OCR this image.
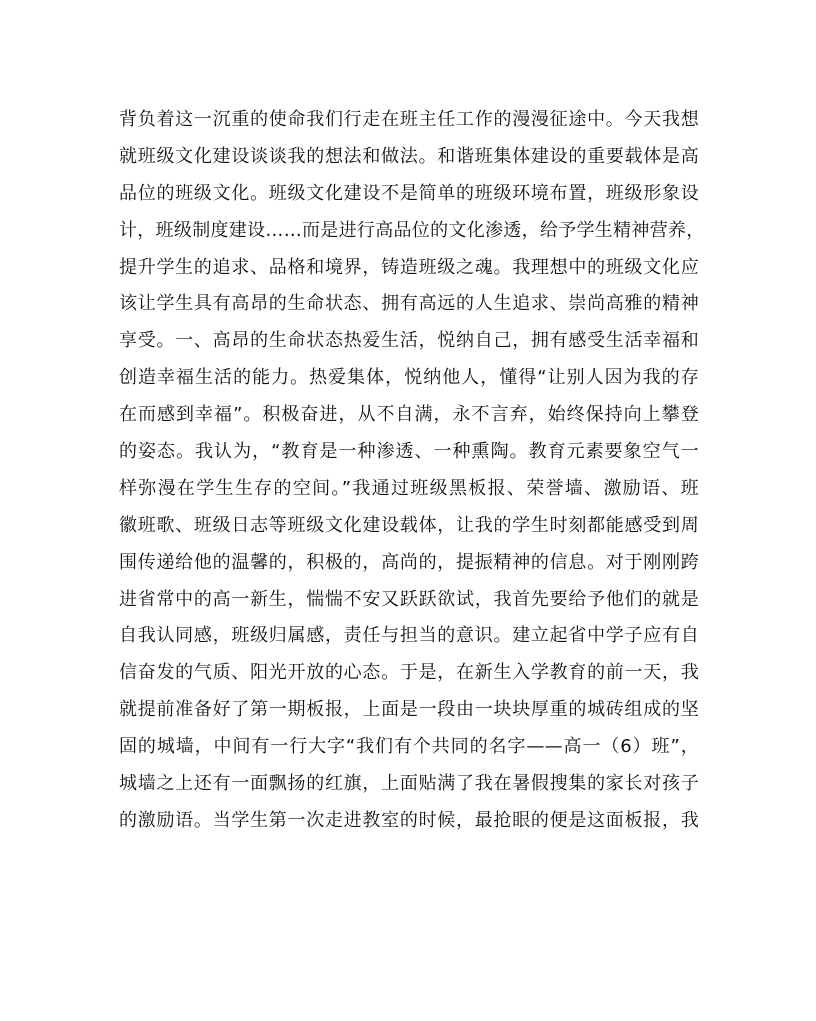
背负着这一沉重的使命我们行走在班主任工作的漫漫征途中。今天我想
就班级文化建设谈谈我的想法和做法。和谐班集体建设的重要载体是高
品位的班级文化。班级文化建设不是简单的班级环境布置，班级形象设
计，班级制度建设……而是进行高品位的文化渗透，给予学生精神营养，
提升学生的追求、品格和境界，铸造班级之魂。我理想中的班级文化应
该让学生具有高昂的生命状态、拥有高远的人生追求、崇尚高雅的精神
享受。一、高昂的生命状态热爱生活，悦纳自己，拥有感受生活幸福和
创造幸福生活的能力。热爱集体，悦纳他人，懂得“让别人因为我的存
在而感到幸福”。积极奋进，从不自满，永不言弃，始终保持向上攀登
的姿态。我认为，“教育是一种渗透、一种熏陶。教育元素要象空气一
样弥漫在学生生存的空间。”我通过班级黑板报、荣誉墙、激励语、班
徽班歌、班级日志等班级文化建设载体，让我的学生时刻都能感受到周
围传递给他的温馨的，积极的，高尚的，提振精神的信息。对于刚刚跨
进省常中的高一新生，惴惴不安又跃跃欲试，我首先要给予他们的就是
自我认同感，班级归属感，责任与担当的意识。建立起省中学子应有自
信奋发的气质、阳光开放的心态。于是，在新生入学教育的前一天，我
就提前准备好了第一期板报，上面是一段由一块块厚重的城砖组成的坚
固的城墙，中间有一行大字“我们有个共同的名字——高一（6）班”，
城墙之上还有一面飘扬的红旗，上面贴满了我在暑假搜集的家长对孩子
的激励语。当学生第一次走进教室的时候，最抢眼的便是这面板报，我
